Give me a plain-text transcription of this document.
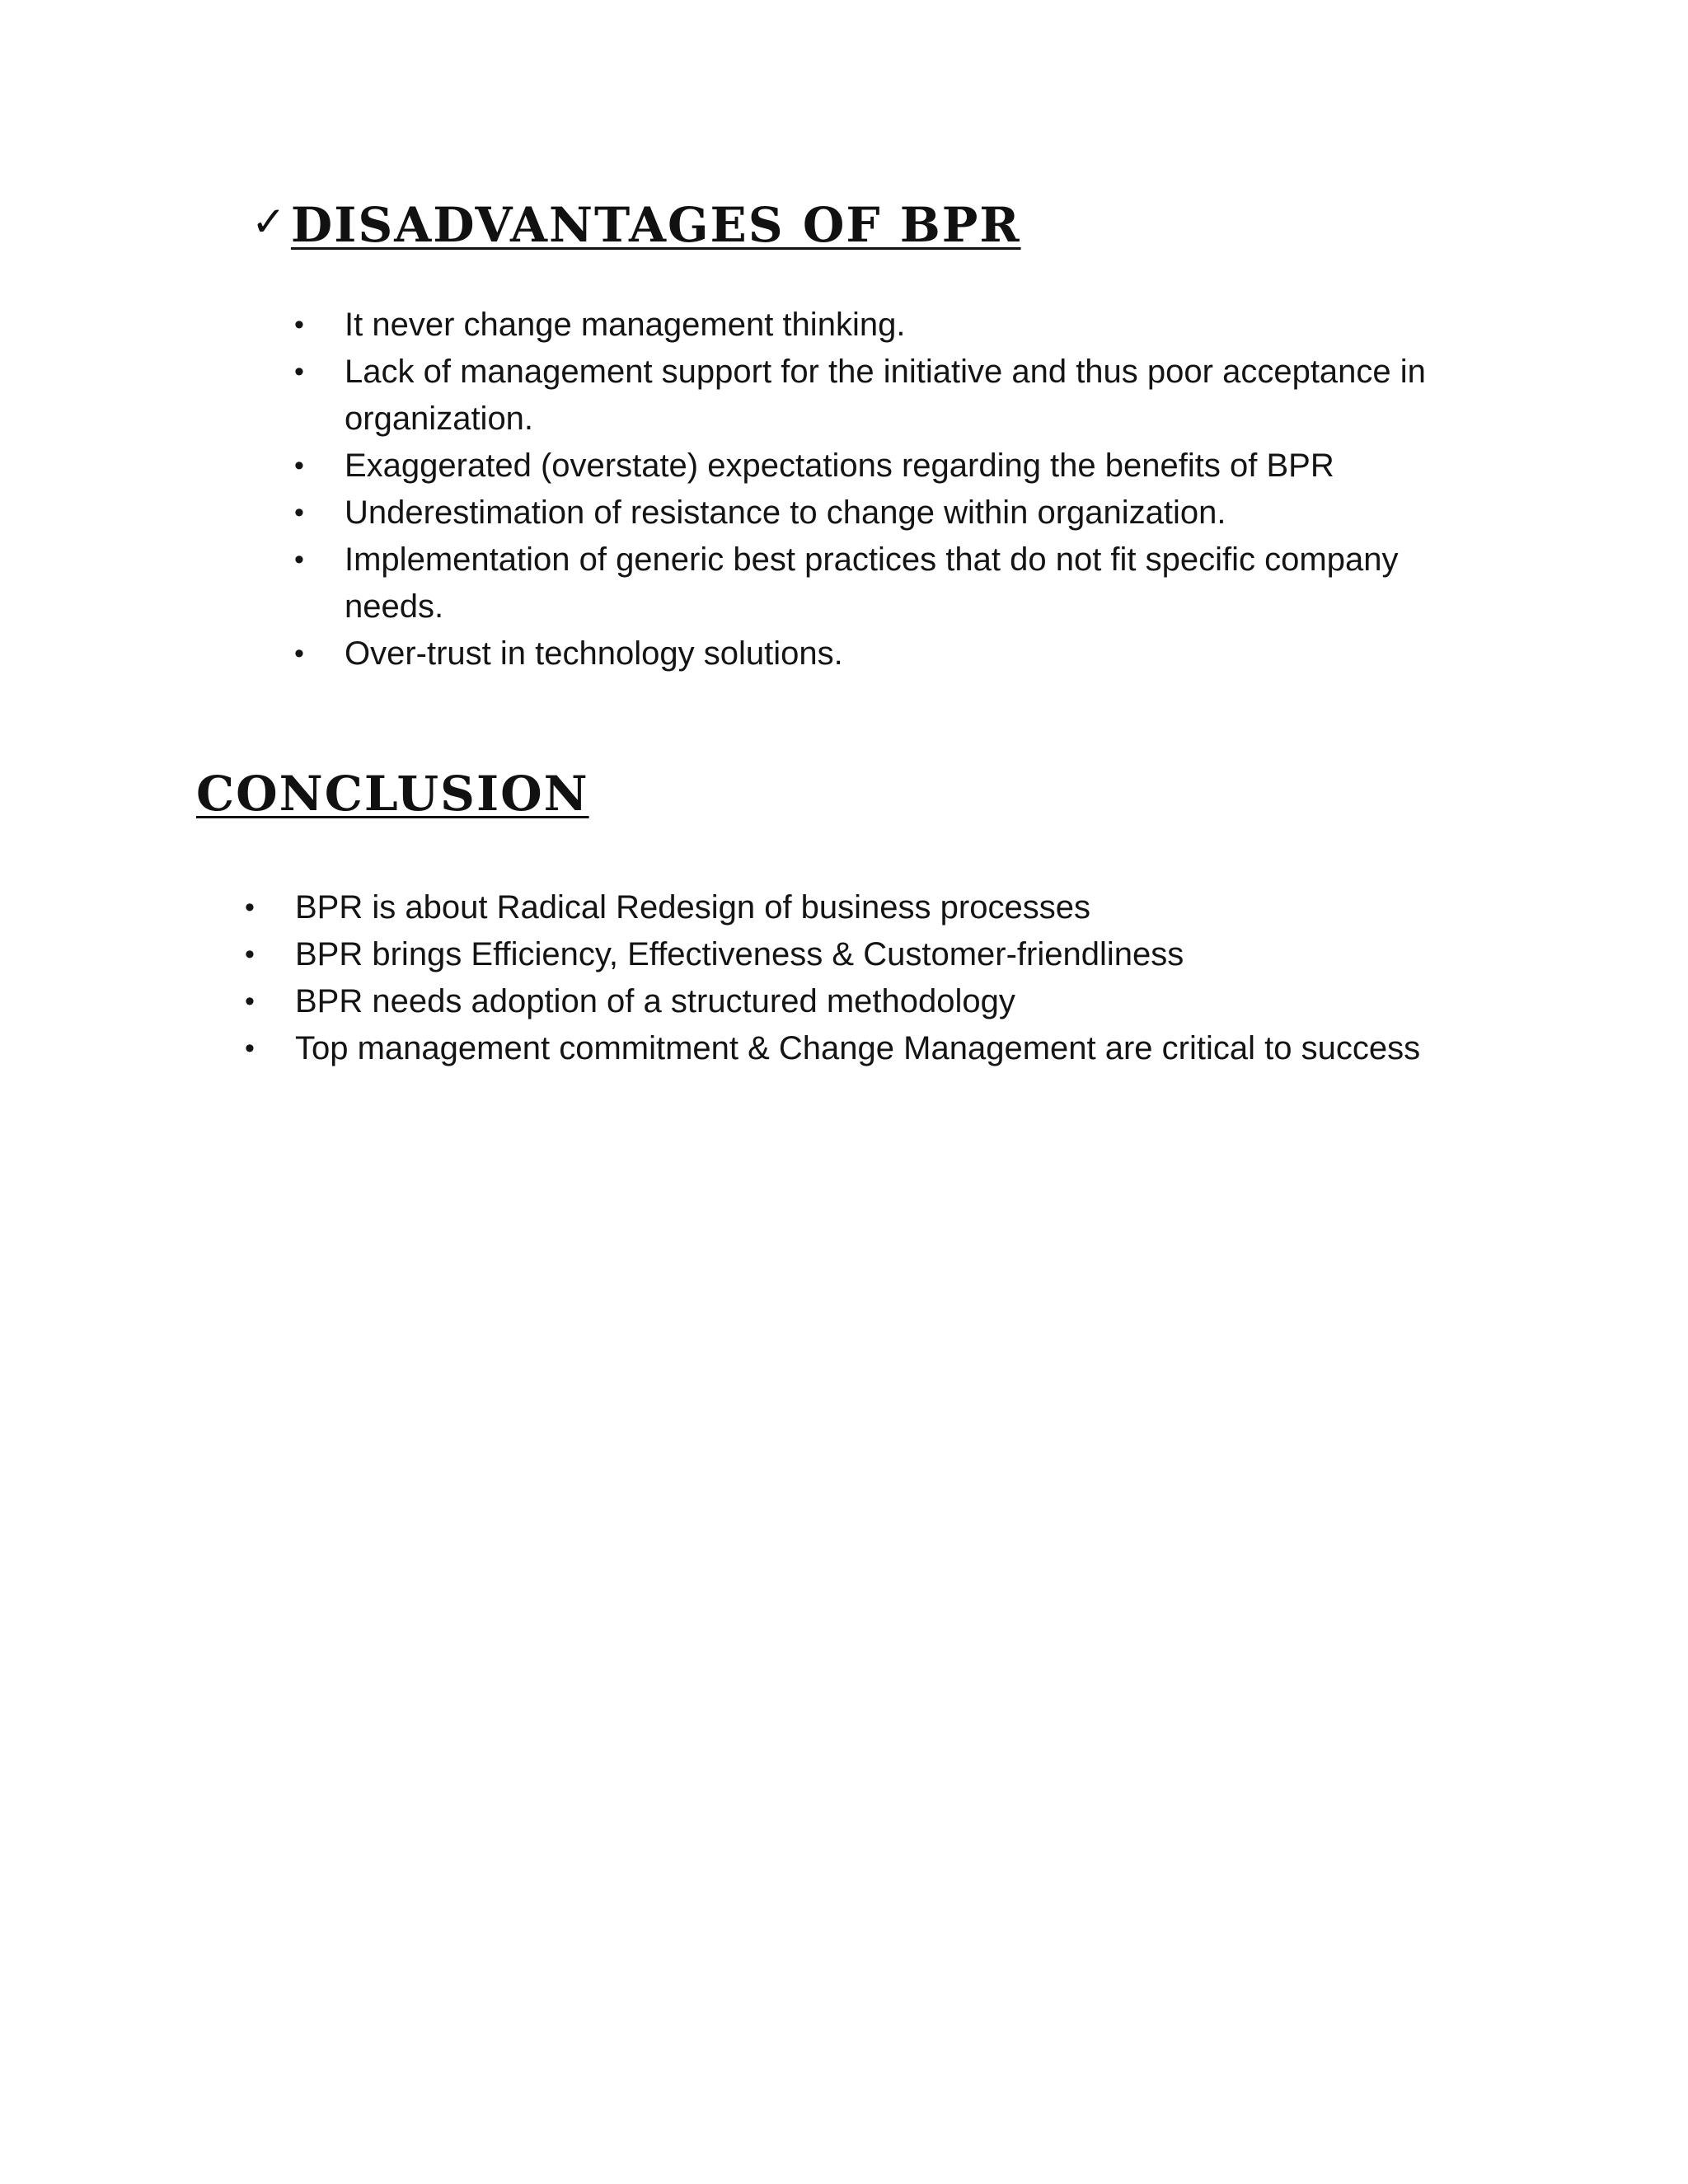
✓ DISADVANTAGES OF BPR
• It never change management thinking.
• Lack of management support for the initiative and thus poor acceptance in organization.
• Exaggerated (overstate) expectations regarding the benefits of BPR
• Underestimation of resistance to change within organization.
• Implementation of generic best practices that do not fit specific company needs.
• Over-trust in technology solutions.
CONCLUSION
• BPR is about Radical Redesign of business processes
• BPR brings Efficiency, Effectiveness & Customer-friendliness
• BPR needs adoption of a structured methodology
• Top management commitment & Change Management are critical to success
